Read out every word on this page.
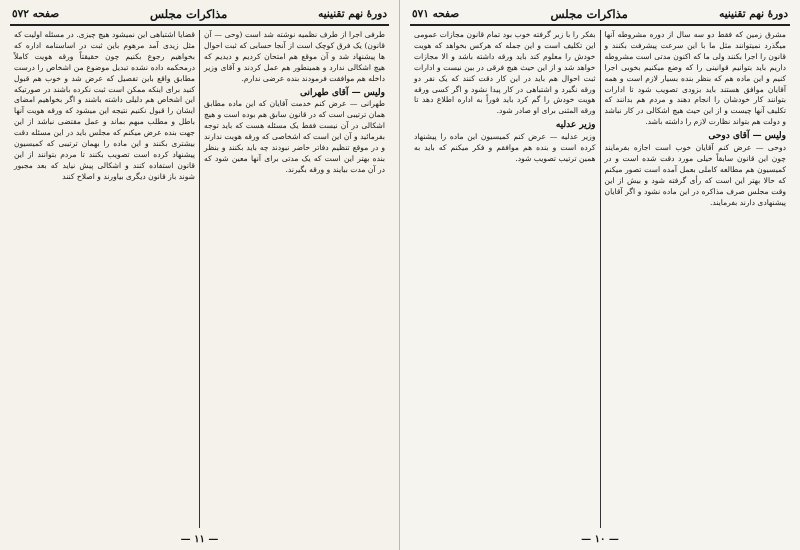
دورهٔ نهم تقنینیه
مذاکرات مجلس
صفحه ٥٧٢

طرفی اجرا از طرف نظمیه نوشته شد است (وحی — آن قانون) یک فرق کوچک است از آنجا حسابی که ثبت احوال ها پیشنهاد شد و آن موقع هم امتحان کردیم و دیدیم که هیچ اشکالی ندارد و همینطور هم عمل کردند و آقای وزیر داخله هم موافقت فرمودند بنده عرضی ندارم.

ولیس — آقای طهرانی

طهرانی — عرض کنم خدمت آقایان که این ماده مطابق همان ترتیبی است که در قانون سابق هم بوده است و هیچ اشکالی در آن نیست فقط یک مسئله هست که باید توجه بفرمائید و آن این است که اشخاصی که ورقه هویت ندارند و در موقع تنظیم دفاتر حاضر نبودند چه باید بکنند و بنظر بنده بهتر این است که یک مدتی برای آنها معین شود که در آن مدت بیایند و ورقه بگیرند.

قضایا اشتباهی این نمیشود هیچ چیزی. در مسئله اولیت که مثل زیدی آمد مرهوم باین ثبت در اساسنامه اداره که بخواهیم رجوع بکنیم چون حقیقتاً ورقه هویت کاملاً درمحکمه داده نشده تبدیل موضوع من اشخاص را درست مطابق واقع باین تفصیل که عرض شد و خوب هم قبول کنید برای اینکه ممکن است ثبت نکرده باشند در صورتیکه این اشخاص هم دلیلی داشته باشند و اگر بخواهیم امضای ایشان را قبول نکنیم نتیجه این میشود که ورقه هویت آنها باطل و مطلب مبهم بماند و عمل مقتضی نباشد از این جهت بنده عرض میکنم که مجلس باید در این مسئله دقت بیشتری بکنند و این ماده را بهمان ترتیبی که کمیسیون پیشنهاد کرده است تصویب بکنند تا مردم بتوانند از این قانون استفاده کنند و اشکالی پیش نیاید که بعد مجبور شوند باز قانون دیگری بیاورند و اصلاح کنند

— ١١ —
دورهٔ نهم تقنینیه
مذاکرات مجلس
صفحه ٥٧١

مشرق زمین که فقط دو سه سال از دوره مشروطه آنها میگذرد نمیتوانند مثل ما با این سرعت پیشرفت بکنند و قانون را اجرا بکنند ولی ما که اکنون مدتی است مشروطه داریم باید بتوانیم قوانینی را که وضع میکنیم بخوبی اجرا کنیم و این ماده هم که بنظر بنده بسیار لازم است و همه آقایان موافق هستند باید بزودی تصویب شود تا ادارات بتوانند کار خودشان را انجام دهند و مردم هم بدانند که تکلیف آنها چیست و از این حیث هیچ اشکالی در کار نباشد و دولت هم بتواند نظارت لازم را داشته باشد.

ولیس — آقای دوحی

دوحی — عرض کنم آقایان خوب است اجازه بفرمایند چون این قانون سابقاً خیلی مورد دقت شده است و در کمیسیون هم مطالعه کاملی بعمل آمده است تصور میکنم که حالا بهتر این است که رأی گرفته شود و بیش از این وقت مجلس صرف مذاکره در این ماده نشود و اگر آقایان پیشنهادی دارند بفرمایند.

بفکر را با زبر گرفته خوب بود تمام قانون مجازات عمومی این تکلیف است و این جمله که هرکس بخواهد که هویت خودش را معلوم کند باید ورقه داشته باشد و الا مجازات خواهد شد و از این حیث هیچ فرقی در بین نیست و ادارات ثبت احوال هم باید در این کار دقت کنند که یک نفر دو ورقه نگیرد و اشتباهی در کار پیدا نشود و اگر کسی ورقه هویت خودش را گم کرد باید فوراً به اداره اطلاع دهد تا ورقه المثنی برای او صادر شود.

وزیر عدلیه

وزیر عدلیه — عرض کنم کمیسیون این ماده را پیشنهاد کرده است و بنده هم موافقم و فکر میکنم که باید به همین ترتیب تصویب شود.

— ١٠ —
